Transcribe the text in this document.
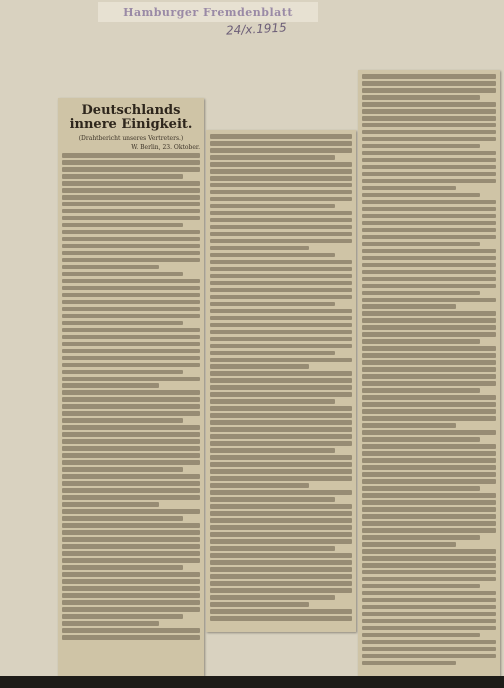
Hamburger Fremdenblatt
24/x.1915
Deutschlands innere Einigkeit.
(Drahtbericht unseres Vertreters.)
W. Berlin, 23. Oktober.
